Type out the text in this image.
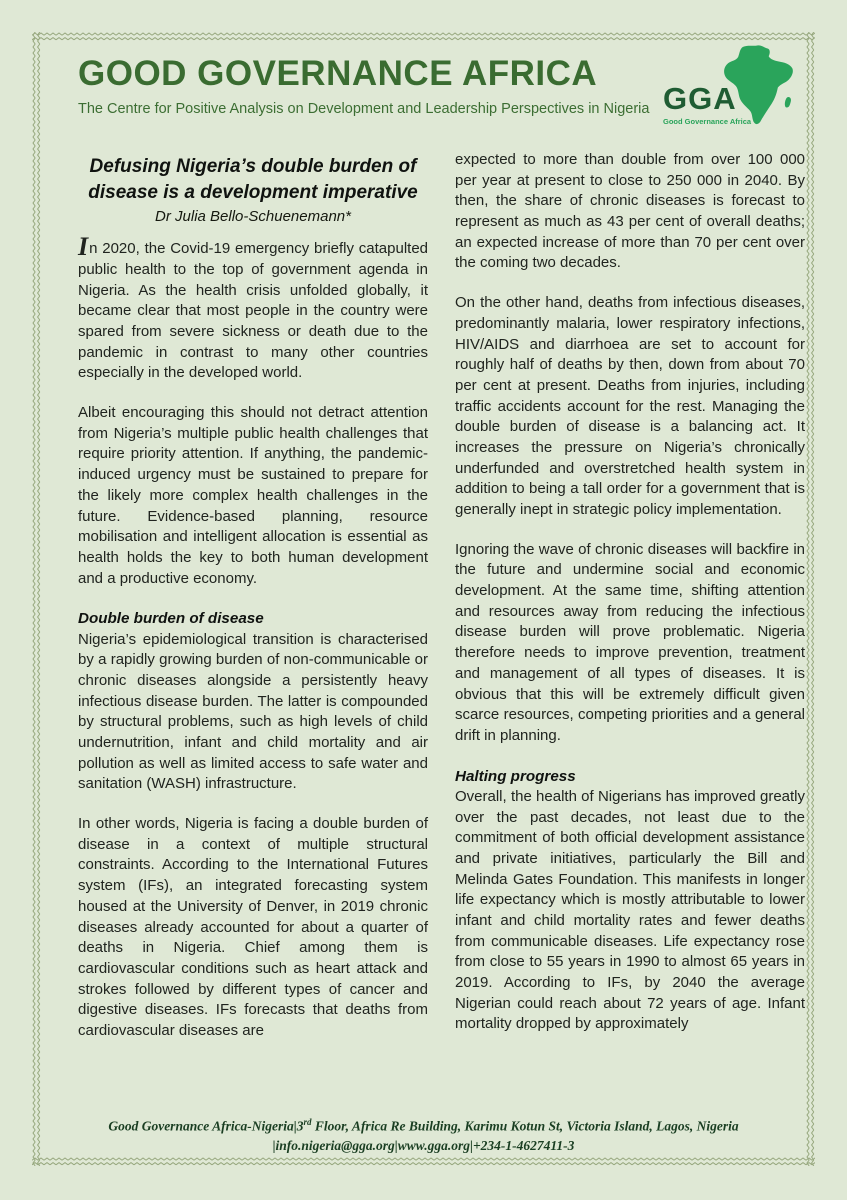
GOOD GOVERNANCE AFRICA

The Centre for Positive Analysis on Development and Leadership Perspectives in Nigeria GGA
Good Governance Africa
Defusing Nigeria’s double burden of disease is a development imperative
Dr Julia Bello-Schuenemann*

In 2020, the Covid-19 emergency briefly catapulted public health to the top of government agenda in Nigeria. As the health crisis unfolded globally, it became clear that most people in the country were spared from severe sickness or death due to the pandemic in contrast to many other countries especially in the developed world.

Albeit encouraging this should not detract attention from Nigeria’s multiple public health challenges that require priority attention. If anything, the pandemic-induced urgency must be sustained to prepare for the likely more complex health challenges in the future. Evidence-based planning, resource mobilisation and intelligent allocation is essential as health holds the key to both human development and a productive economy.

Double burden of disease

Nigeria’s epidemiological transition is characterised by a rapidly growing burden of non-communicable or chronic diseases alongside a persistently heavy infectious disease burden. The latter is compounded by structural problems, such as high levels of child undernutrition, infant and child mortality and air pollution as well as limited access to safe water and sanitation (WASH) infrastructure.

In other words, Nigeria is facing a double burden of disease in a context of multiple structural constraints. According to the International Futures system (IFs), an integrated forecasting system housed at the University of Denver, in 2019 chronic diseases already accounted for about a quarter of deaths in Nigeria. Chief among them is cardiovascular conditions such as heart attack and strokes followed by different types of cancer and digestive diseases. IFs forecasts that deaths from cardiovascular diseases are

expected to more than double from over 100 000 per year at present to close to 250 000 in 2040. By then, the share of chronic diseases is forecast to represent as much as 43 per cent of overall deaths; an expected increase of more than 70 per cent over the coming two decades.

On the other hand, deaths from infectious diseases, predominantly malaria, lower respiratory infections, HIV/AIDS and diarrhoea are set to account for roughly half of deaths by then, down from about 70 per cent at present. Deaths from injuries, including traffic accidents account for the rest. Managing the double burden of disease is a balancing act. It increases the pressure on Nigeria’s chronically underfunded and overstretched health system in addition to being a tall order for a government that is generally inept in strategic policy implementation.

Ignoring the wave of chronic diseases will backfire in the future and undermine social and economic development. At the same time, shifting attention and resources away from reducing the infectious disease burden will prove problematic. Nigeria therefore needs to improve prevention, treatment and management of all types of diseases. It is obvious that this will be extremely difficult given scarce resources, competing priorities and a general drift in planning.

Halting progress

Overall, the health of Nigerians has improved greatly over the past decades, not least due to the commitment of both official development assistance and private initiatives, particularly the Bill and Melinda Gates Foundation. This manifests in longer life expectancy which is mostly attributable to lower infant and child mortality rates and fewer deaths from communicable diseases. Life expectancy rose from close to 55 years in 1990 to almost 65 years in 2019. According to IFs, by 2040 the average Nigerian could reach about 72 years of age. Infant mortality dropped by approximately

Good Governance Africa-Nigeria|3rd Floor, Africa Re Building, Karimu Kotun St, Victoria Island, Lagos, Nigeria

|info.nigeria@gga.org|www.gga.org|+234-1-4627411-3
